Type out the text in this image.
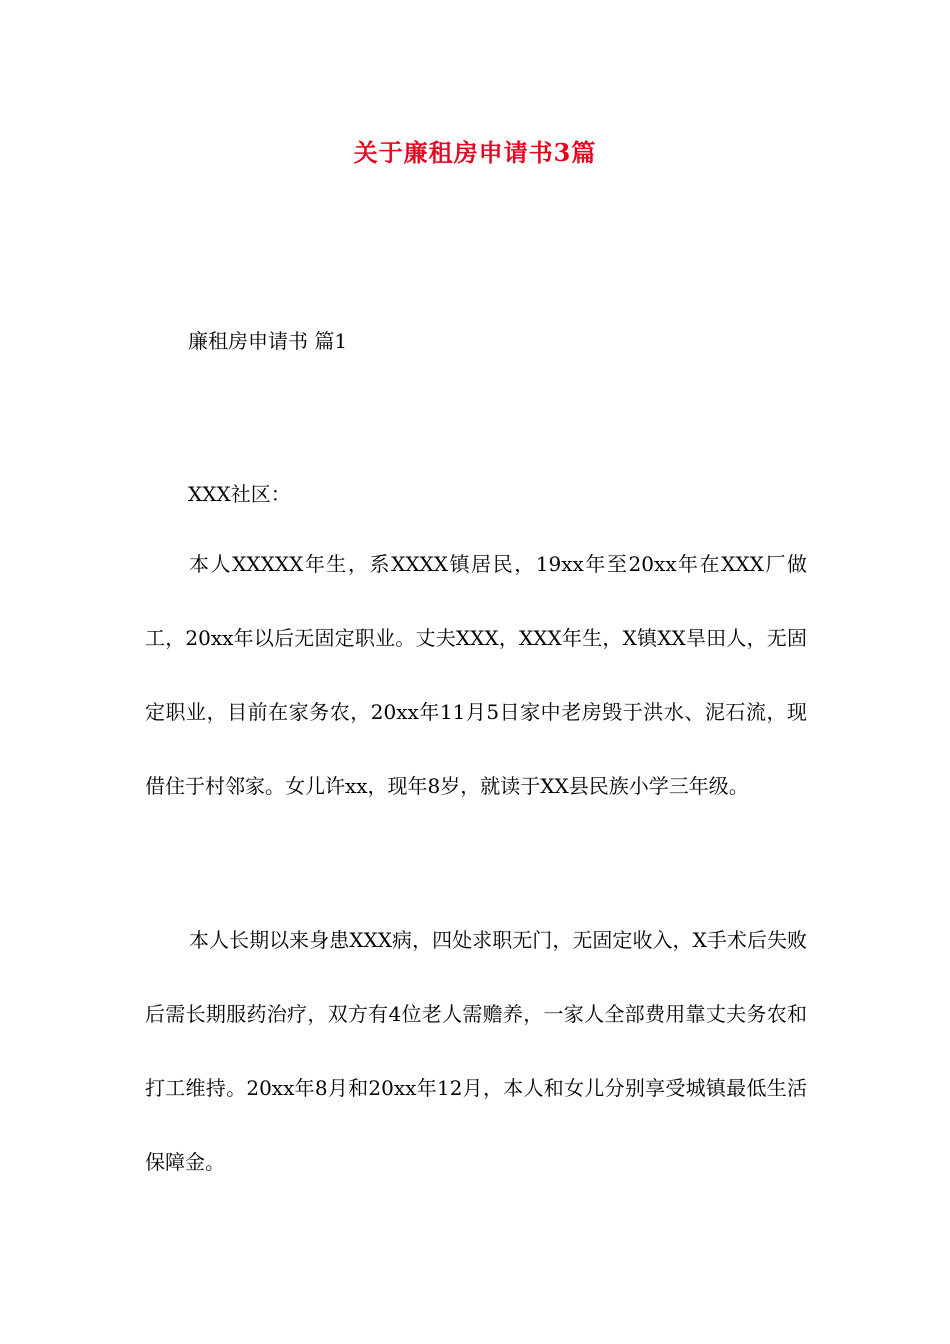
关于廉租房申请书3篇

廉租房申请书 篇1

XXX社区：

本人XXXXX年生，系XXXX镇居民，19xx年至20xx年在XXX厂做工，20xx年以后无固定职业。丈夫XXX，XXX年生，X镇XX旱田人，无固定职业，目前在家务农，20xx年11月5日家中老房毁于洪水、泥石流，现借住于村邻家。女儿许xx，现年8岁，就读于XX县民族小学三年级。

本人长期以来身患XXX病，四处求职无门，无固定收入，X手术后失败后需长期服药治疗，双方有4位老人需赡养，一家人全部费用靠丈夫务农和打工维持。20xx年8月和20xx年12月，本人和女儿分别享受城镇最低生活保障金。
